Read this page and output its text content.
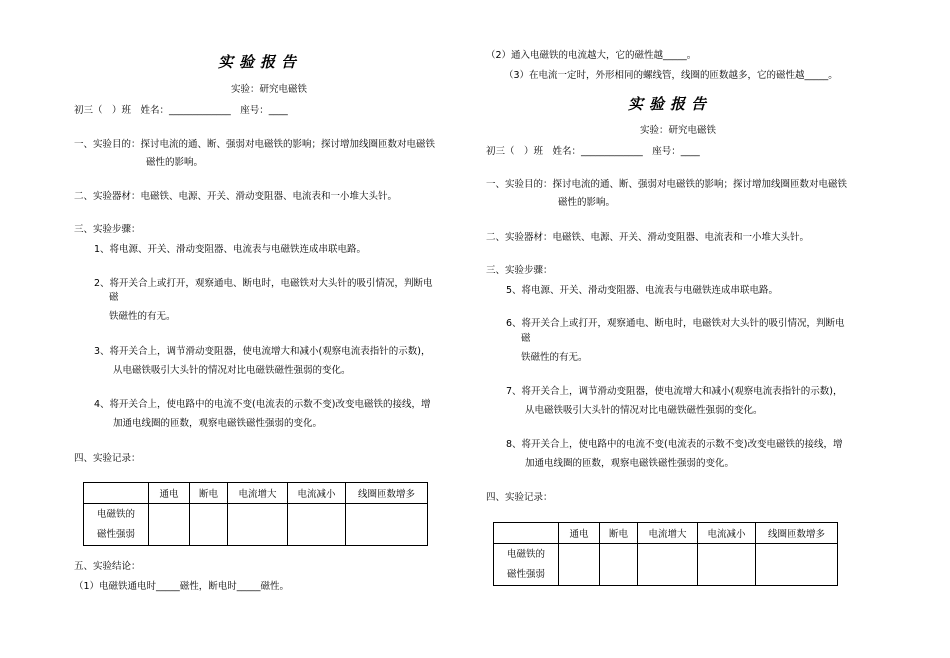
实验报告
实验：研究电磁铁
初三（　）班　姓名：_____________　座号：____
一、实验目的：探讨电流的通、断、强弱对电磁铁的影响；探讨增加线圈匝数对电磁铁
磁性的影响。
二、实验器材：电磁铁、电源、开关、滑动变阻器、电流表和一小堆大头针。
三、实验步骤：
1、将电源、开关、滑动变阻器、电流表与电磁铁连成串联电路。
2、将开关合上或打开，观察通电、断电时，电磁铁对大头针的吸引情况，判断电
磁
铁磁性的有无。
3、将开关合上，调节滑动变阻器，使电流增大和减小(观察电流表指针的示数)，
从电磁铁吸引大头针的情况对比电磁铁磁性强弱的变化。
4、将开关合上，使电路中的电流不变(电流表的示数不变)改变电磁铁的接线，增
加通电线圈的匝数，观察电磁铁磁性强弱的变化。
四、实验记录：
	通电	断电	电流增大	电流减小	线圈匝数增多

电磁铁的
磁性强弱					

五、实验结论：
（1）电磁铁通电时_____磁性，断电时_____磁性。
（2）通入电磁铁的电流越大，它的磁性越_____。
（3）在电流一定时，外形相同的螺线管，线圈的匝数越多，它的磁性越_____。
实验报告
实验：研究电磁铁
初三（　）班　姓名：_____________　座号：____
一、实验目的：探讨电流的通、断、强弱对电磁铁的影响；探讨增加线圈匝数对电磁铁
磁性的影响。
二、实验器材：电磁铁、电源、开关、滑动变阻器、电流表和一小堆大头针。
三、实验步骤：
5、将电源、开关、滑动变阻器、电流表与电磁铁连成串联电路。
6、将开关合上或打开，观察通电、断电时，电磁铁对大头针的吸引情况，判断电
磁
铁磁性的有无。
7、将开关合上，调节滑动变阻器，使电流增大和减小(观察电流表指针的示数)，
从电磁铁吸引大头针的情况对比电磁铁磁性强弱的变化。
8、将开关合上，使电路中的电流不变(电流表的示数不变)改变电磁铁的接线，增
加通电线圈的匝数，观察电磁铁磁性强弱的变化。
四、实验记录：
	通电	断电	电流增大	电流减小	线圈匝数增多

电磁铁的
磁性强弱					
